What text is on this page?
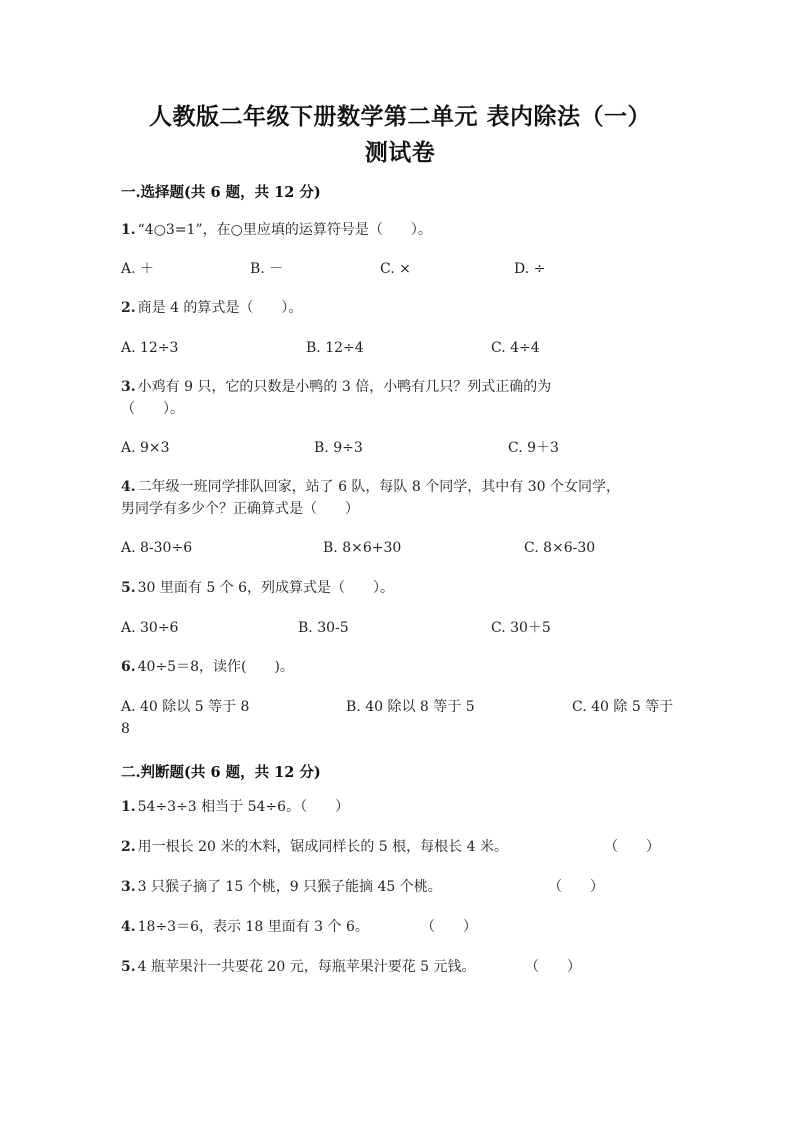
人教版二年级下册数学第二单元 表内除法（一）
测试卷
一.选择题(共 6 题，共 12 分)
1. “4○3=1”，在○里应填的运算符号是（　　）。
A. ＋	B. －	C. ×	D. ÷
2. 商是 4 的算式是（　　）。
A. 12÷3	B. 12÷4	C. 4÷4
3. 小鸡有 9 只，它的只数是小鸭的 3 倍，小鸭有几只？列式正确的为
（　　）。
A. 9×3	B. 9÷3	C. 9＋3
4. 二年级一班同学排队回家，站了 6 队，每队 8 个同学，其中有 30 个女同学，
男同学有多少个？正确算式是（　　）
A. 8-30÷6	B. 8×6+30	C. 8×6-30
5. 30 里面有 5 个 6，列成算式是（　　）。
A. 30÷6	B. 30-5	C. 30＋5
6. 40÷5＝8，读作(　　)。
A. 40 除以 5 等于 8	B. 40 除以 8 等于 5	C. 40 除 5 等于
8
二.判断题(共 6 题，共 12 分)
1. 54÷3÷3 相当于 54÷6。（　　）
2. 用一根长 20 米的木料，锯成同样长的 5 根，每根长 4 米。	（　　）
3. 3 只猴子摘了 15 个桃，9 只猴子能摘 45 个桃。	（　　）
4. 18÷3＝6，表示 18 里面有 3 个 6。	（　　）
5. 4 瓶苹果汁一共要花 20 元，每瓶苹果汁要花 5 元钱。	（　　）
